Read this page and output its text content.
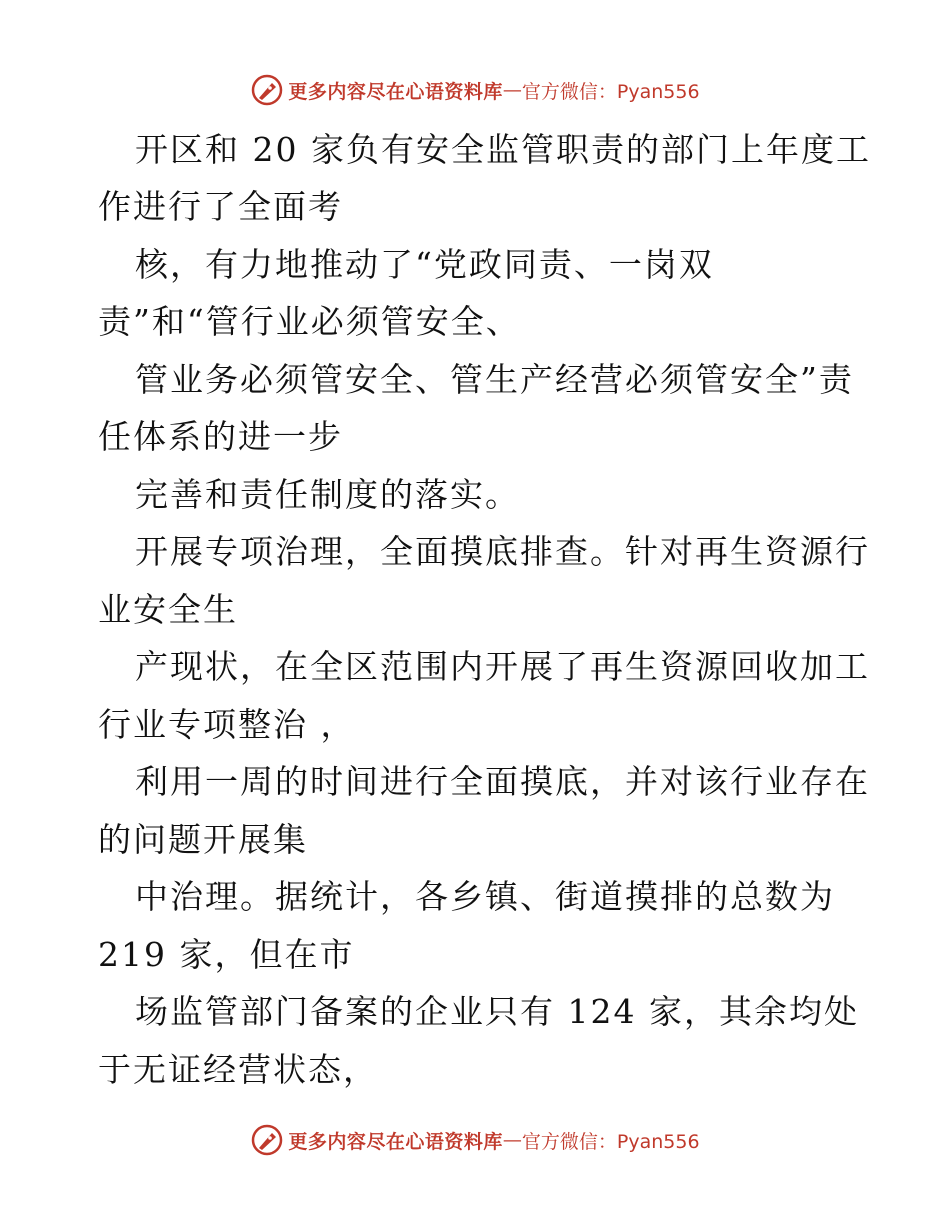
更多内容尽在心语资料库 — 官方微信：Pyan556
开区和 20 家负有安全监管职责的部门上年度工
作进行了全面考
核，有力地推动了“党政同责、一岗双
责”和“管行业必须管安全、
管业务必须管安全、管生产经营必须管安全”责
任体系的进一步
完善和责任制度的落实。
开展专项治理，全面摸底排查。针对再生资源行
业安全生
产现状，在全区范围内开展了再生资源回收加工
行业专项整治 ，
利用一周的时间进行全面摸底，并对该行业存在
的问题开展集
中治理。据统计，各乡镇、街道摸排的总数为
219 家，但在市
场监管部门备案的企业只有 124 家，其余均处
于无证经营状态，
更多内容尽在心语资料库 — 官方微信：Pyan556
